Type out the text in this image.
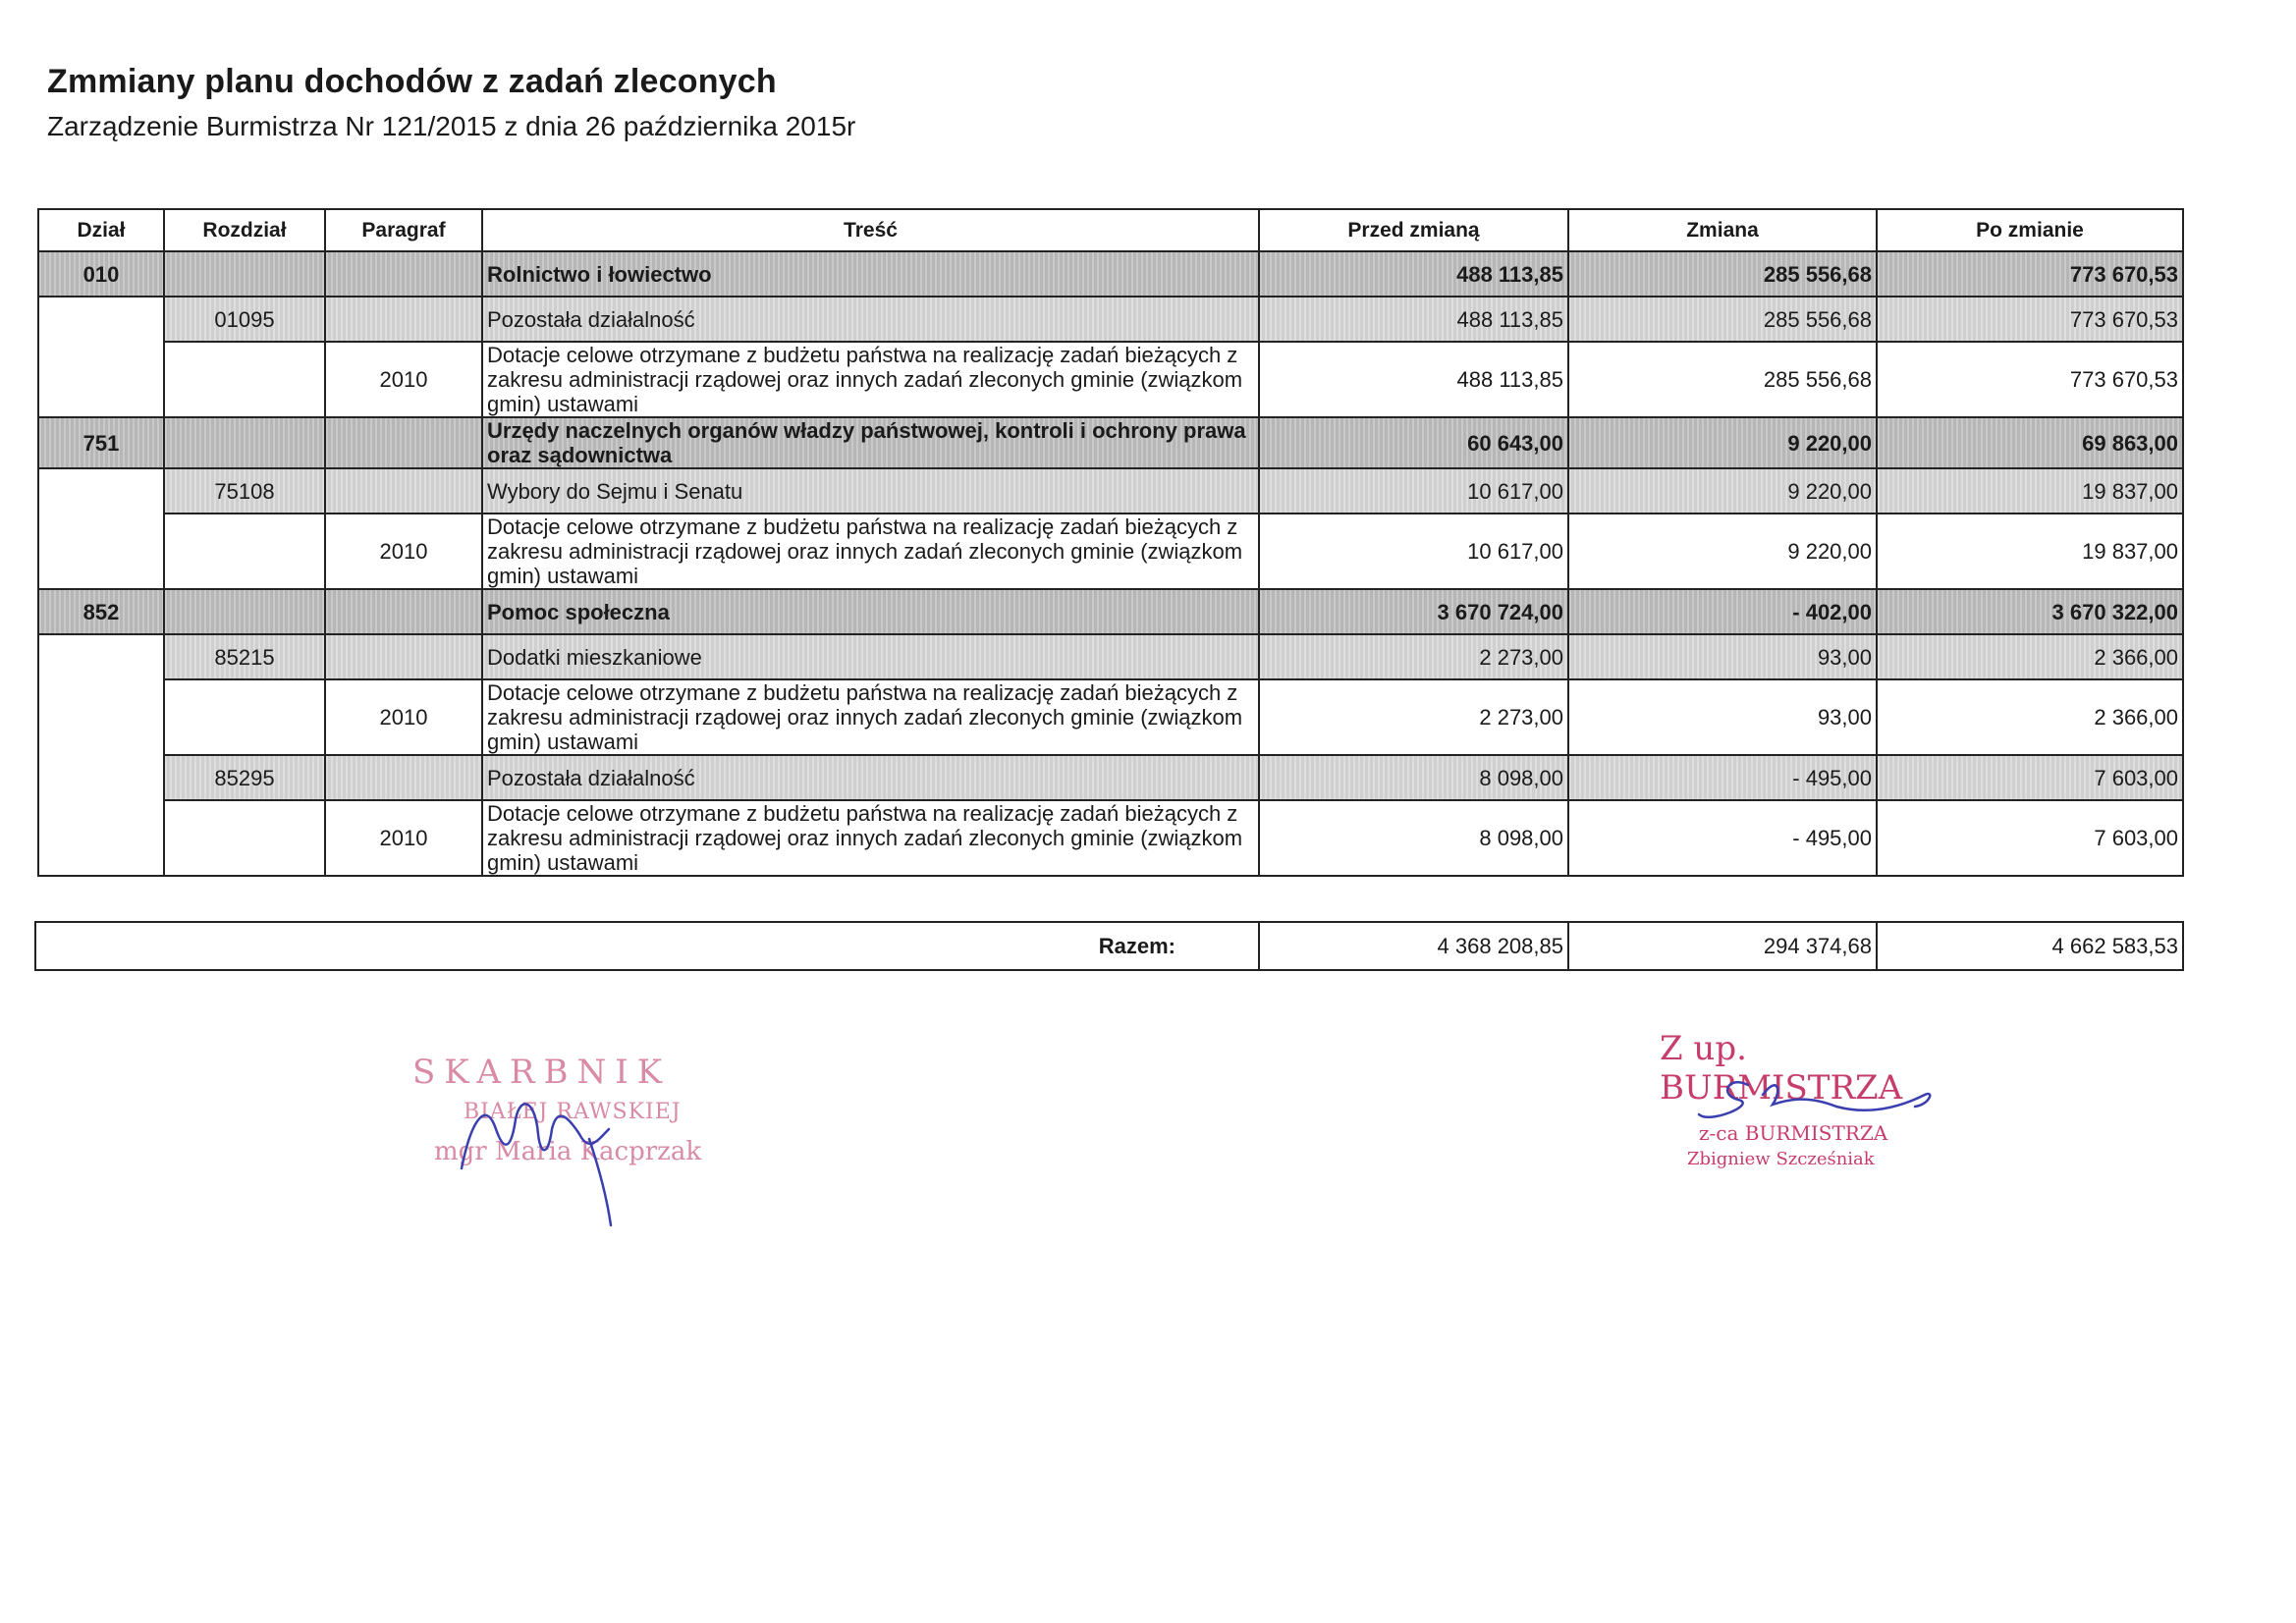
Zmmiany planu dochodów z zadań zleconych
Zarządzenie Burmistrza Nr 121/2015 z dnia 26 października 2015r
Dział	Rozdział	Paragraf	Treść	Przed zmianą	Zmiana	Po zmianie
010			Rolnictwo i łowiectwo	488 113,85	285 556,68	773 670,53
	01095		Pozostała działalność	488 113,85	285 556,68	773 670,53
		2010	Dotacje celowe otrzymane z budżetu państwa na realizację zadań bieżących z zakresu administracji rządowej oraz innych zadań zleconych gminie (związkom gmin) ustawami	488 113,85	285 556,68	773 670,53
751			Urzędy naczelnych organów władzy państwowej, kontroli i ochrony prawa oraz sądownictwa	60 643,00	9 220,00	69 863,00
	75108		Wybory do Sejmu i Senatu	10 617,00	9 220,00	19 837,00
		2010	Dotacje celowe otrzymane z budżetu państwa na realizację zadań bieżących z zakresu administracji rządowej oraz innych zadań zleconych gminie (związkom gmin) ustawami	10 617,00	9 220,00	19 837,00
852			Pomoc społeczna	3 670 724,00	- 402,00	3 670 322,00
	85215		Dodatki mieszkaniowe	2 273,00	93,00	2 366,00
		2010	Dotacje celowe otrzymane z budżetu państwa na realizację zadań bieżących z zakresu administracji rządowej oraz innych zadań zleconych gminie (związkom gmin) ustawami	2 273,00	93,00	2 366,00
	85295		Pozostała działalność	8 098,00	- 495,00	7 603,00
		2010	Dotacje celowe otrzymane z budżetu państwa na realizację zadań bieżących z zakresu administracji rządowej oraz innych zadań zleconych gminie (związkom gmin) ustawami	8 098,00	- 495,00	7 603,00
Razem:	4 368 208,85	294 374,68	4 662 583,53
SKARBNIK
BIAŁEJ RAWSKIEJ
mgr Maria Kacprzak
Z up. BURMISTRZA
z-ca BURMISTRZA
Zbigniew Szcześniak
